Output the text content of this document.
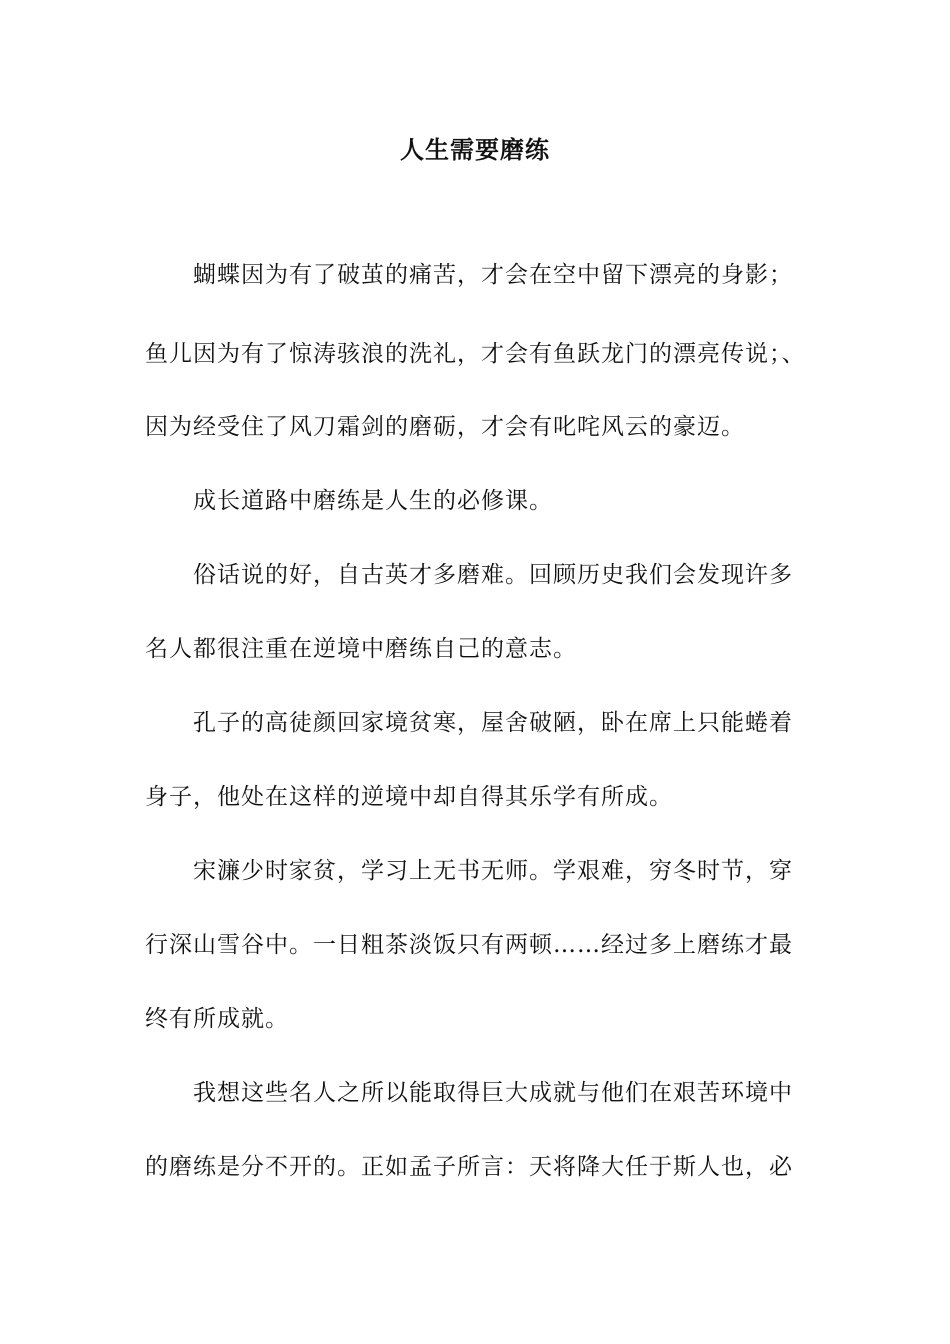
人生需要磨练
蝴蝶因为有了破茧的痛苦，才会在空中留下漂亮的身影；
鱼儿因为有了惊涛骇浪的洗礼，才会有鱼跃龙门的漂亮传说；、
因为经受住了风刀霜剑的磨砺，才会有叱咤风云的豪迈。
成长道路中磨练是人生的必修课。
俗话说的好，自古英才多磨难。回顾历史我们会发现许多
名人都很注重在逆境中磨练自己的意志。
孔子的高徒颜回家境贫寒，屋舍破陋，卧在席上只能蜷着
身子，他处在这样的逆境中却自得其乐学有所成。
宋濂少时家贫，学习上无书无师。学艰难，穷冬时节，穿
行深山雪谷中。一日粗茶淡饭只有两顿……经过多上磨练才最
终有所成就。
我想这些名人之所以能取得巨大成就与他们在艰苦环境中
的磨练是分不开的。正如孟子所言：天将降大任于斯人也，必
